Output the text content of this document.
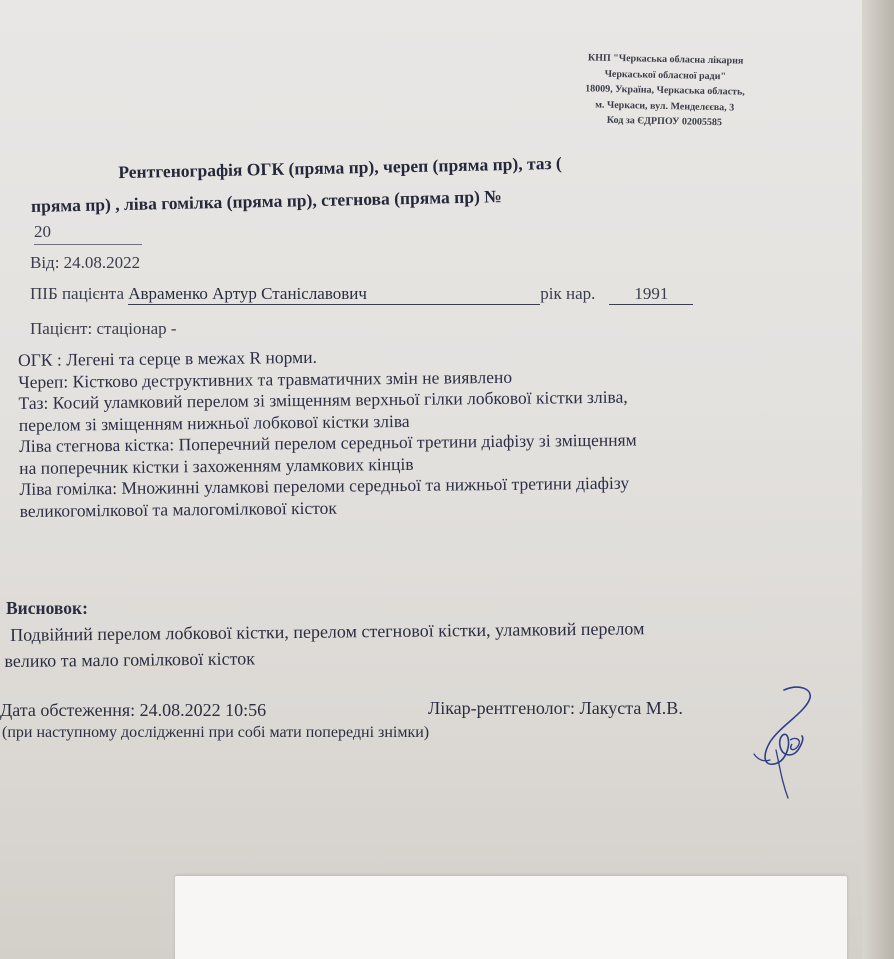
КНП "Черкаська обласна лікарня
Черкаської обласної ради"
18009, Україна, Черкаська область,
м. Черкаси, вул. Менделєєва, 3
Код за ЄДРПОУ 02005585
Рентгенографія ОГК (пряма пр), череп (пряма пр), таз (
пряма пр) , ліва гомілка (пряма пр), стегнова (пряма пр) №
20
Від: 24.08.2022
ПІБ пацієнта Авраменко Артур Станіславович	рік нар. 1991
Пацієнт: стаціонар -
ОГК : Легені та серце в межах R норми.
Череп: Кістково деструктивних та травматичних змін не виявлено
Таз: Косий уламковий перелом зі зміщенням верхньої гілки лобкової кістки зліва,
перелом зі зміщенням нижньої лобкової кістки зліва
Ліва стегнова кістка: Поперечний перелом середньої третини діафізу зі зміщенням
на поперечник кістки і захоженням уламкових кінців
Ліва гомілка: Множинні уламкові переломи середньої та нижньої третини діафізу
великогомілкової та малогомілкової кісток
Висновок:
Подвійний перелом лобкової кістки, перелом стегнової кістки, уламковий перелом
велико та мало гомілкової кісток
Дата обстеження: 24.08.2022 10:56	Лікар-рентгенолог: Лакуста М.В.
(при наступному дослідженні при собі мати попередні знімки)
